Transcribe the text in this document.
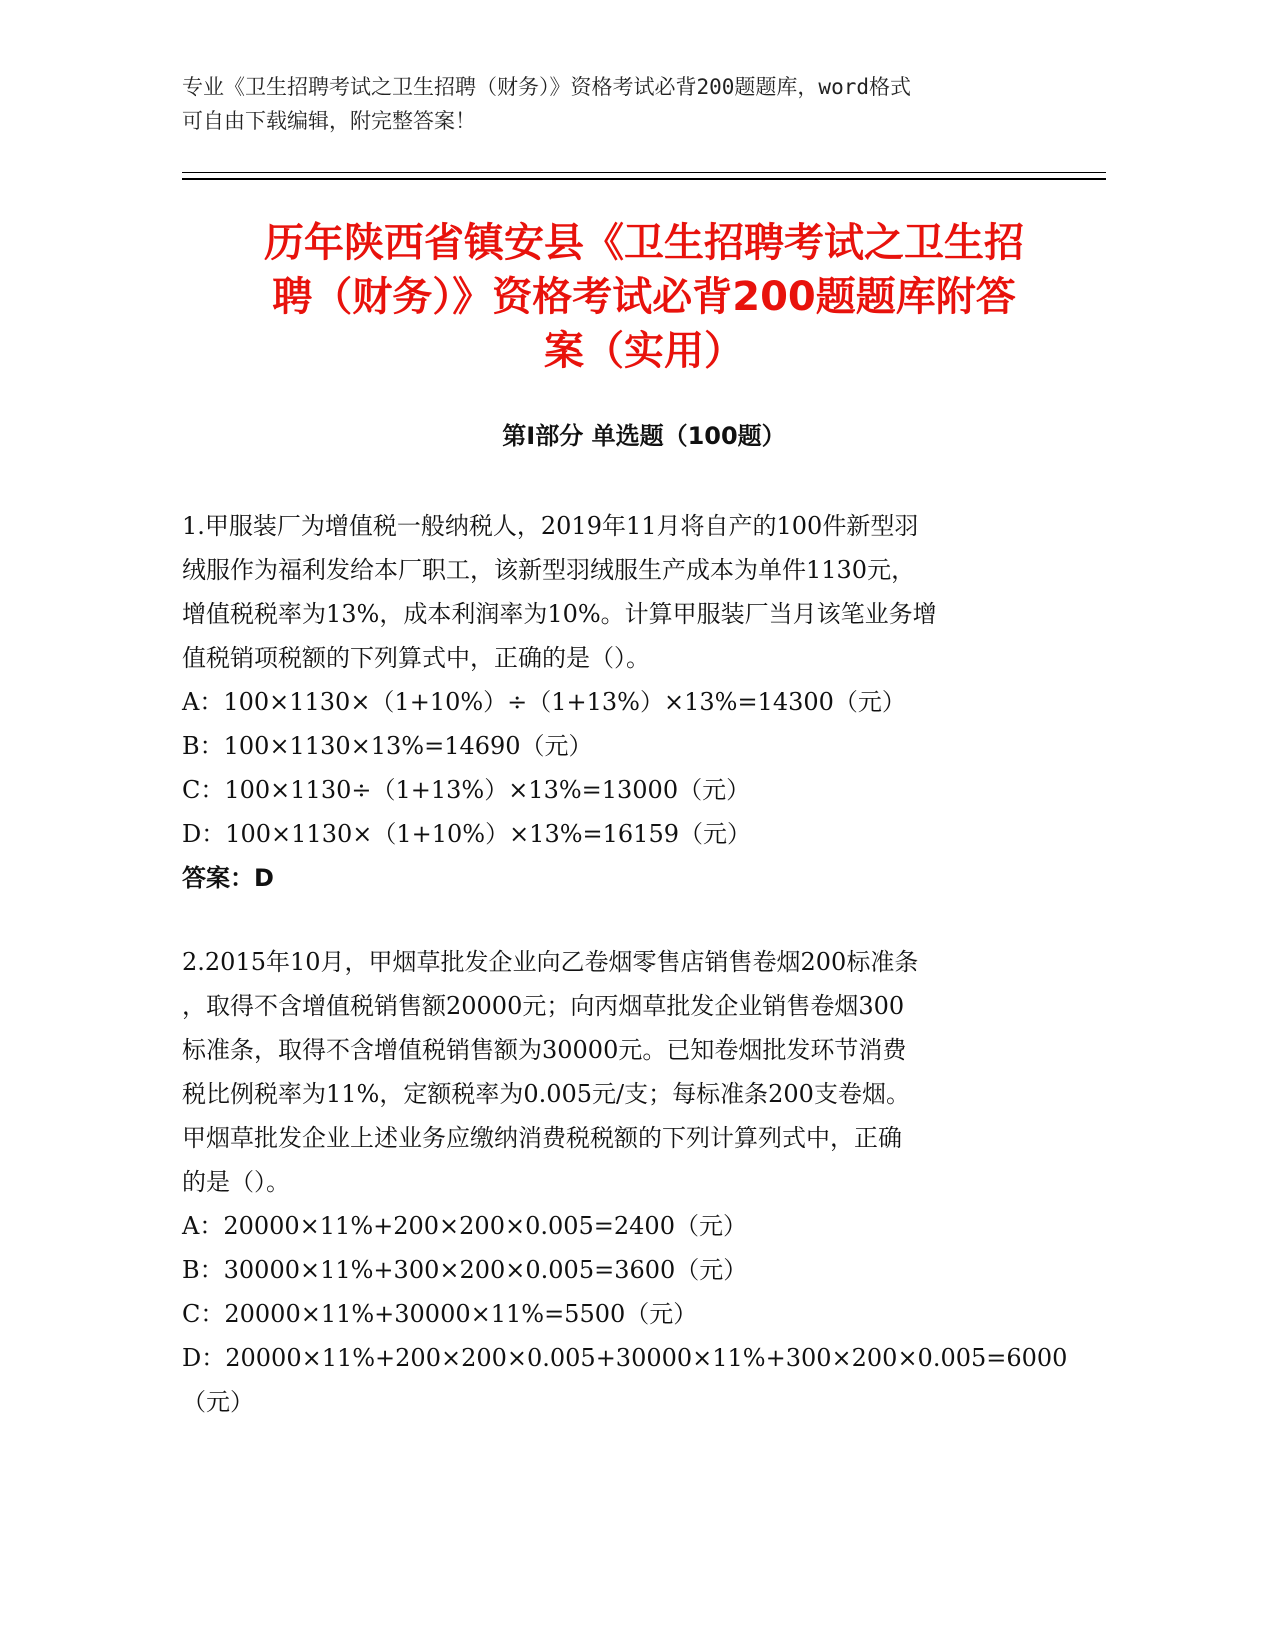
专业《卫生招聘考试之卫生招聘（财务）》资格考试必背200题题库，word格式
可自由下载编辑，附完整答案！
历年陕西省镇安县《卫生招聘考试之卫生招
聘（财务）》资格考试必背200题题库附答
案（实用）
第I部分 单选题（100题）
1.甲服装厂为增值税一般纳税人，2019年11月将自产的100件新型羽
绒服作为福利发给本厂职工，该新型羽绒服生产成本为单件1130元，
增值税税率为13%，成本利润率为10%。计算甲服装厂当月该笔业务增
值税销项税额的下列算式中，正确的是（）。
A：100×1130×（1+10%）÷（1+13%）×13%=14300（元）
B：100×1130×13%=14690（元）
C：100×1130÷（1+13%）×13%=13000（元）
D：100×1130×（1+10%）×13%=16159（元）
答案：D
2.2015年10月，甲烟草批发企业向乙卷烟零售店销售卷烟200标准条
，取得不含增值税销售额20000元；向丙烟草批发企业销售卷烟300
标准条，取得不含增值税销售额为30000元。已知卷烟批发环节消费
税比例税率为11%，定额税率为0.005元/支；每标准条200支卷烟。
甲烟草批发企业上述业务应缴纳消费税税额的下列计算列式中，正确
的是（）。
A：20000×11%+200×200×0.005=2400（元）
B：30000×11%+300×200×0.005=3600（元）
C：20000×11%+30000×11%=5500（元）
D：20000×11%+200×200×0.005+30000×11%+300×200×0.005=6000
（元）
